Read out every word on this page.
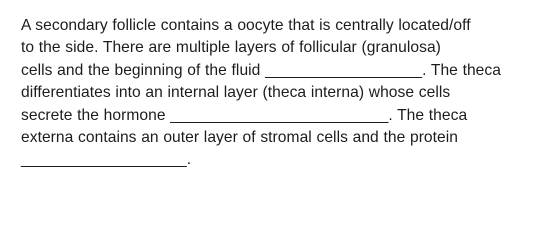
A secondary follicle contains a oocyte that is centrally located/off
to the side. There are multiple layers of follicular (granulosa)
cells and the beginning of the fluid __________________. The theca
differentiates into an internal layer (theca interna) whose cells
secrete the hormone _________________________. The theca
externa contains an outer layer of stromal cells and the protein
___________________.
